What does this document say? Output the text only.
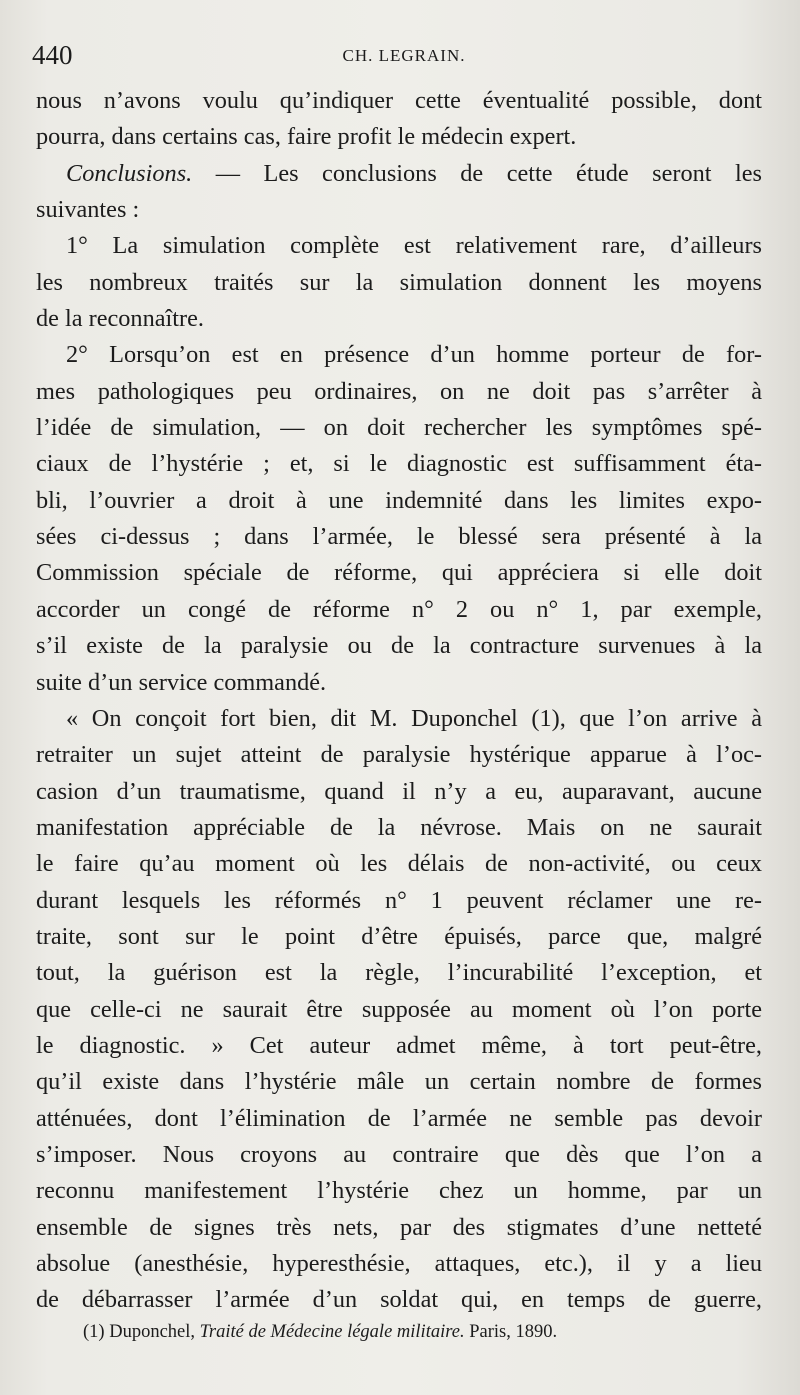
440	CH. LEGRAIN.
nous n’avons voulu qu’indiquer cette éventualité possible, dont
pourra, dans certains cas, faire profit le médecin expert.
Conclusions. — Les conclusions de cette étude seront les
suivantes :
1° La simulation complète est relativement rare, d’ailleurs
les nombreux traités sur la simulation donnent les moyens
de la reconnaître.
2° Lorsqu’on est en présence d’un homme porteur de for-
mes pathologiques peu ordinaires, on ne doit pas s’arrêter à
l’idée de simulation, — on doit rechercher les symptômes spé-
ciaux de l’hystérie ; et, si le diagnostic est suffisamment éta-
bli, l’ouvrier a droit à une indemnité dans les limites expo-
sées ci-dessus ; dans l’armée, le blessé sera présenté à la
Commission spéciale de réforme, qui appréciera si elle doit
accorder un congé de réforme n° 2 ou n° 1, par exemple,
s’il existe de la paralysie ou de la contracture survenues à la
suite d’un service commandé.
« On conçoit fort bien, dit M. Duponchel (1), que l’on arrive à
retraiter un sujet atteint de paralysie hystérique apparue à l’oc-
casion d’un traumatisme, quand il n’y a eu, auparavant, aucune
manifestation appréciable de la névrose. Mais on ne saurait
le faire qu’au moment où les délais de non-activité, ou ceux
durant lesquels les réformés n° 1 peuvent réclamer une re-
traite, sont sur le point d’être épuisés, parce que, malgré
tout, la guérison est la règle, l’incurabilité l’exception, et
que celle-ci ne saurait être supposée au moment où l’on porte
le diagnostic. » Cet auteur admet même, à tort peut-être,
qu’il existe dans l’hystérie mâle un certain nombre de formes
atténuées, dont l’élimination de l’armée ne semble pas devoir
s’imposer. Nous croyons au contraire que dès que l’on a
reconnu manifestement l’hystérie chez un homme, par un
ensemble de signes très nets, par des stigmates d’une netteté
absolue (anesthésie, hyperesthésie, attaques, etc.), il y a lieu
de débarrasser l’armée d’un soldat qui, en temps de guerre,
(1) Duponchel, Traité de Médecine légale militaire. Paris, 1890.
